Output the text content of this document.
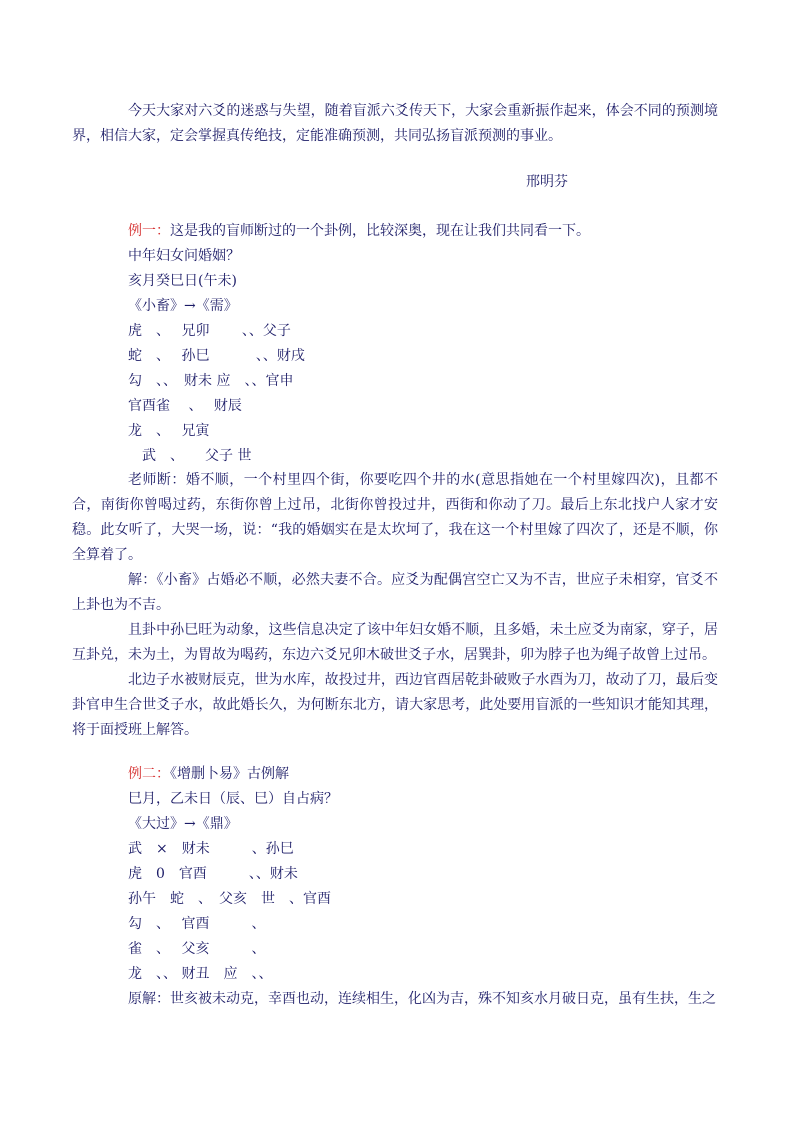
今天大家对六爻的迷惑与失望，随着盲派六爻传天下，大家会重新振作起来，体会不同的预测境界，相信大家，定会掌握真传绝技，定能准确预测，共同弘扬盲派预测的事业。
邢明芬
例一：这是我的盲师断过的一个卦例，比较深奥，现在让我们共同看一下。
中年妇女问婚姻？
亥月癸巳日(午未)
《小畜》→《需》
虎　、　 兄卯　　 、、父子
蛇　、　 孙巳　　　 、、财戌
勾　、、　财未 应　、、官申
官酉雀　 、　 财辰
龙　、　 兄寅
　武　、　　父子 世
老师断：婚不顺，一个村里四个街，你要吃四个井的水(意思指她在一个村里嫁四次)，且都不合，南街你曾喝过药，东街你曾上过吊，北街你曾投过井，西街和你动了刀。最后上东北找户人家才安稳。此女听了，大哭一场，说：“我的婚姻实在是太坎坷了，我在这一个村里嫁了四次了，还是不顺，你全算着了。
解：《小畜》占婚必不顺，必然夫妻不合。应爻为配偶宫空亡又为不吉，世应子未相穿，官爻不上卦也为不吉。
且卦中孙巳旺为动象，这些信息决定了该中年妇女婚不顺，且多婚，未土应爻为南家，穿子，居互卦兑，未为土，为胃故为喝药，东边六爻兄卯木破世爻子水，居巽卦，卯为脖子也为绳子故曾上过吊。
北边子水被财辰克，世为水库，故投过井，西边官酉居乾卦破败子水酉为刀，故动了刀，最后变卦官申生合世爻子水，故此婚长久，为何断东北方，请大家思考，此处要用盲派的一些知识才能知其理，将于面授班上解答。
例二：《增删卜易》古例解
巳月，乙未日（辰、巳）自占病？
《大过》→《鼎》
武　×　财未　　　、孙巳
虎　0　官酉　　　、、财未
孙午　蛇　、　父亥　世　、官酉
勾　、　 官酉　　　、
雀　、　 父亥　　　、
龙　、、 财丑　应　、、
原解：世亥被未动克，幸酉也动，连续相生，化凶为吉，殊不知亥水月破日克，虽有生扶，生之
